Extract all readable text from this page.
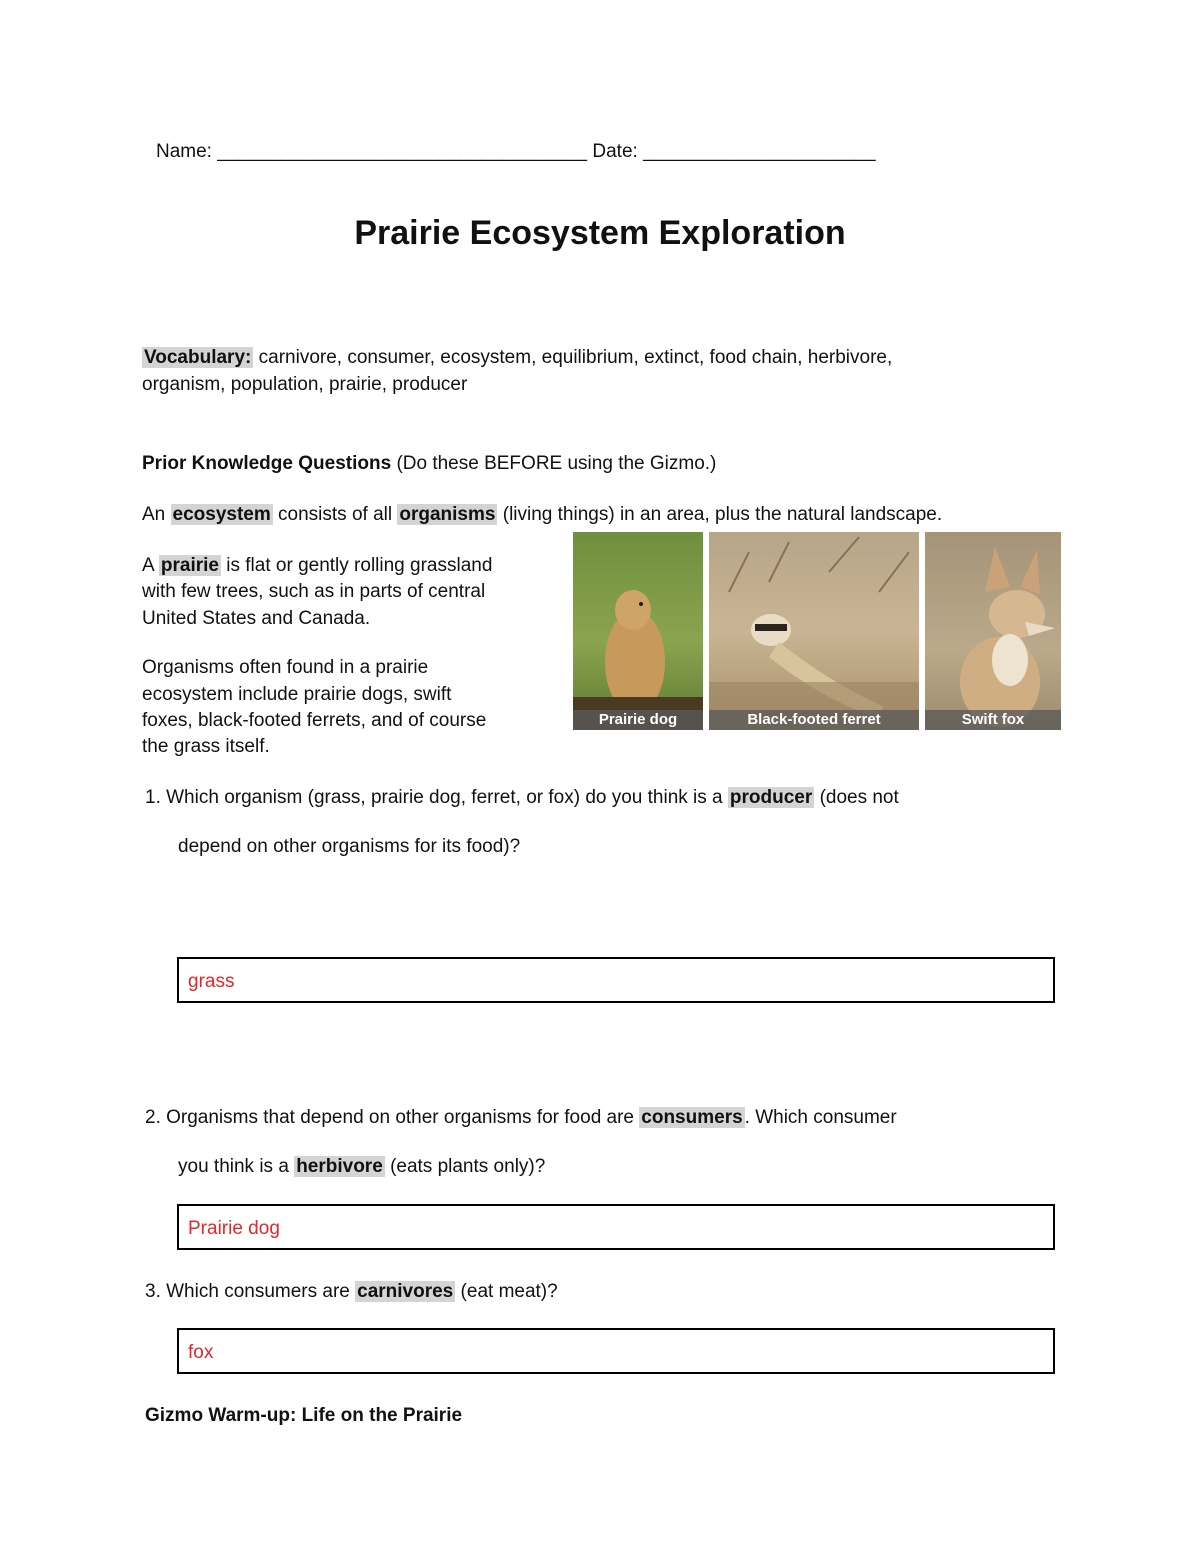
Name: ___________________________________ Date: ______________________
Prairie Ecosystem Exploration
Vocabulary: carnivore, consumer, ecosystem, equilibrium, extinct, food chain, herbivore,
organism, population, prairie, producer
Prior Knowledge Questions (Do these BEFORE using the Gizmo.)
An ecosystem consists of all organisms (living things) in an area, plus the natural landscape.
A prairie is flat or gently rolling grassland
with few trees, such as in parts of central
United States and Canada.
Organisms often found in a prairie
ecosystem include prairie dogs, swift
foxes, black-footed ferrets, and of course
the grass itself.
Prairie dog	Black-footed ferret	Swift fox
1. Which organism (grass, prairie dog, ferret, or fox) do you think is a producer (does not
depend on other organisms for its food)?
grass
2. Organisms that depend on other organisms for food are consumers . Which consumer
you think is a herbivore (eats plants only)?
Prairie dog
3. Which consumers are carnivores (eat meat)?
fox
Gizmo Warm-up: Life on the Prairie
